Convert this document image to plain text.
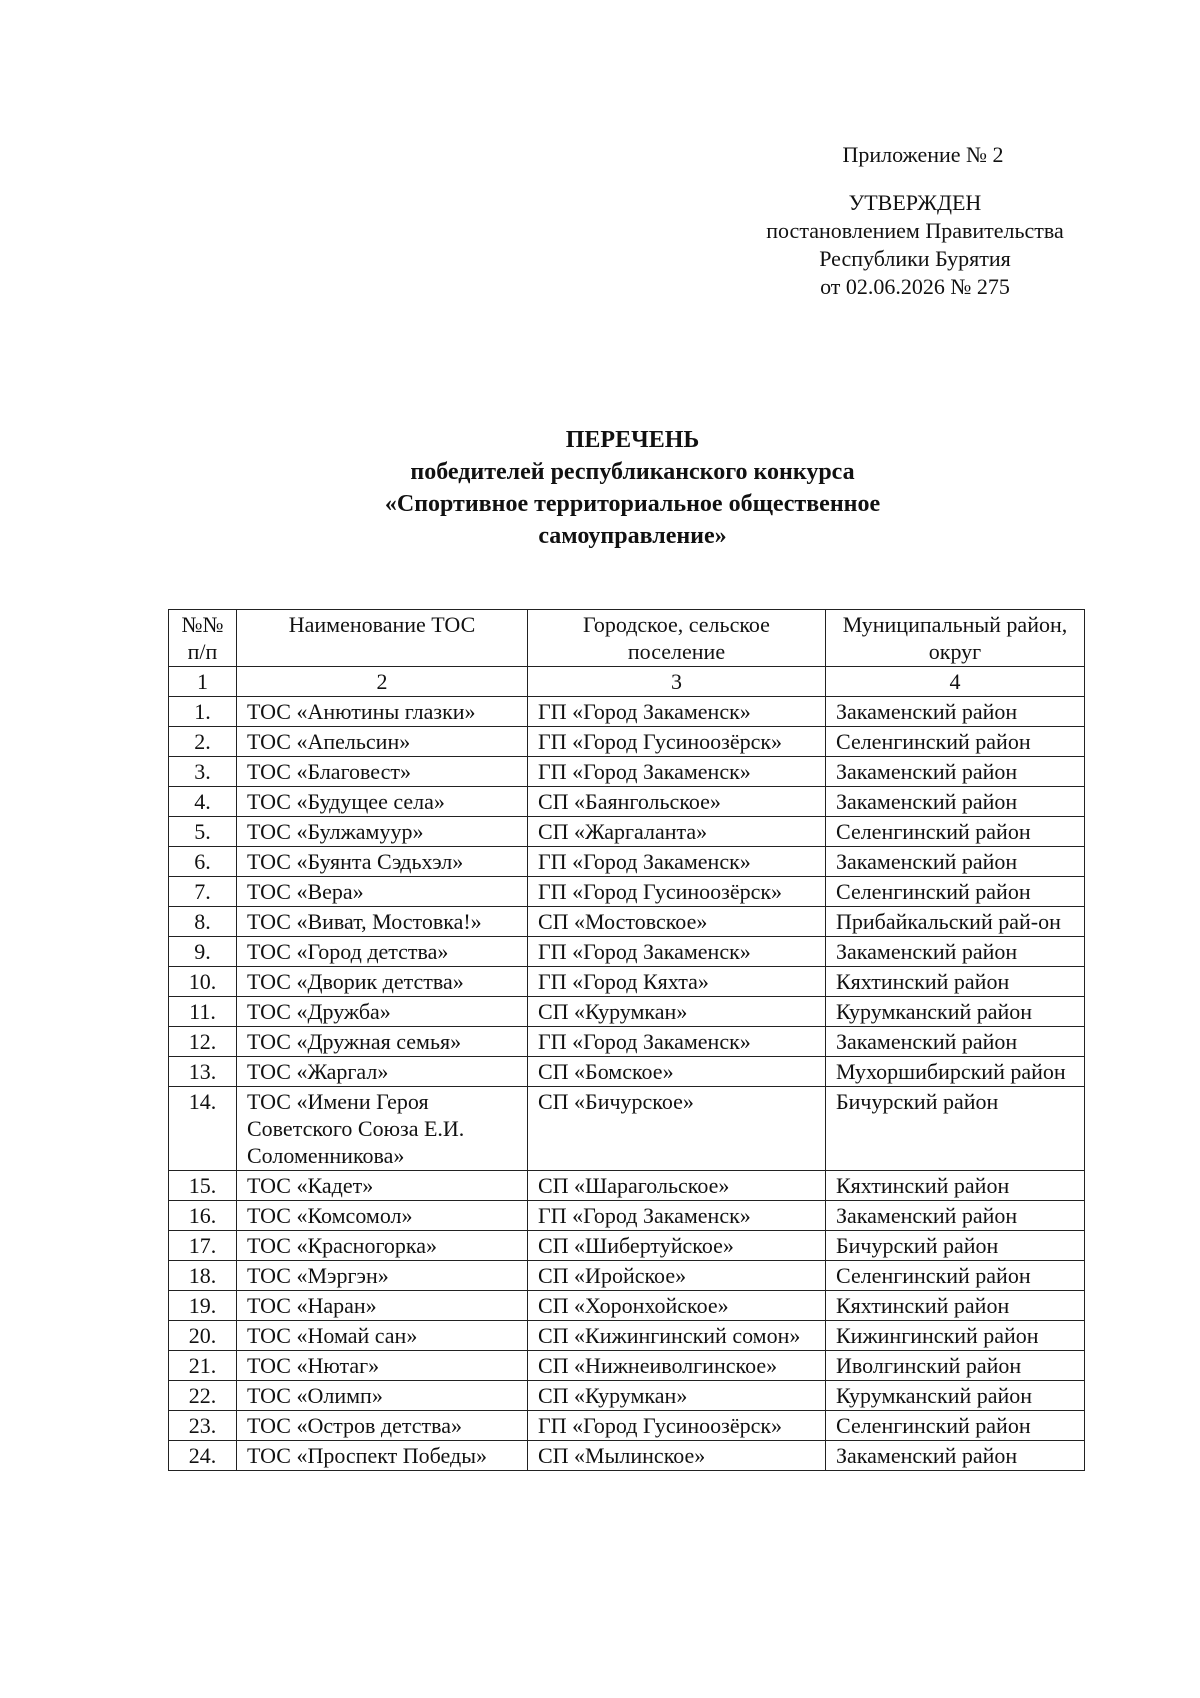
Приложение № 2
УТВЕРЖДЕН
постановлением Правительства
Республики Бурятия
от 02.06.2026 № 275
ПЕРЕЧЕНЬ
победителей республиканского конкурса
«Спортивное территориальное общественное
самоуправление»
№№ п/п	Наименование ТОС	Городское, сельское поселение	Муниципальный район, округ
1	2	3	4
1.	ТОС «Анютины глазки»	ГП «Город Закаменск»	Закаменский район
2.	ТОС «Апельсин»	ГП «Город Гусиноозёрск»	Селенгинский район
3.	ТОС «Благовест»	ГП «Город Закаменск»	Закаменский район
4.	ТОС «Будущее села»	СП «Баянгольское»	Закаменский район
5.	ТОС «Булжамуур»	СП «Жаргаланта»	Селенгинский район
6.	ТОС «Буянта Сэдьхэл»	ГП «Город Закаменск»	Закаменский район
7.	ТОС «Вера»	ГП «Город Гусиноозёрск»	Селенгинский район
8.	ТОС «Виват, Мостовка!»	СП «Мостовское»	Прибайкальский рай-он
9.	ТОС «Город детства»	ГП «Город Закаменск»	Закаменский район
10.	ТОС «Дворик детства»	ГП «Город Кяхта»	Кяхтинский район
11.	ТОС «Дружба»	СП «Курумкан»	Курумканский район
12.	ТОС «Дружная семья»	ГП «Город Закаменск»	Закаменский район
13.	ТОС «Жаргал»	СП «Бомское»	Мухоршибирский район
14.	ТОС «Имени Героя Советского Союза Е.И. Соломенникова»	СП «Бичурское»	Бичурский район
15.	ТОС «Кадет»	СП «Шарагольское»	Кяхтинский район
16.	ТОС «Комсомол»	ГП «Город Закаменск»	Закаменский район
17.	ТОС «Красногорка»	СП «Шибертуйское»	Бичурский район
18.	ТОС «Мэргэн»	СП «Иройское»	Селенгинский район
19.	ТОС «Наран»	СП «Хоронхойское»	Кяхтинский район
20.	ТОС «Номай сан»	СП «Кижингинский сомон»	Кижингинский район
21.	ТОС «Нютаг»	СП «Нижнеиволгинское»	Иволгинский район
22.	ТОС «Олимп»	СП «Курумкан»	Курумканский район
23.	ТОС «Остров детства»	ГП «Город Гусиноозёрск»	Селенгинский район
24.	ТОС «Проспект Победы»	СП «Мылинское»	Закаменский район
